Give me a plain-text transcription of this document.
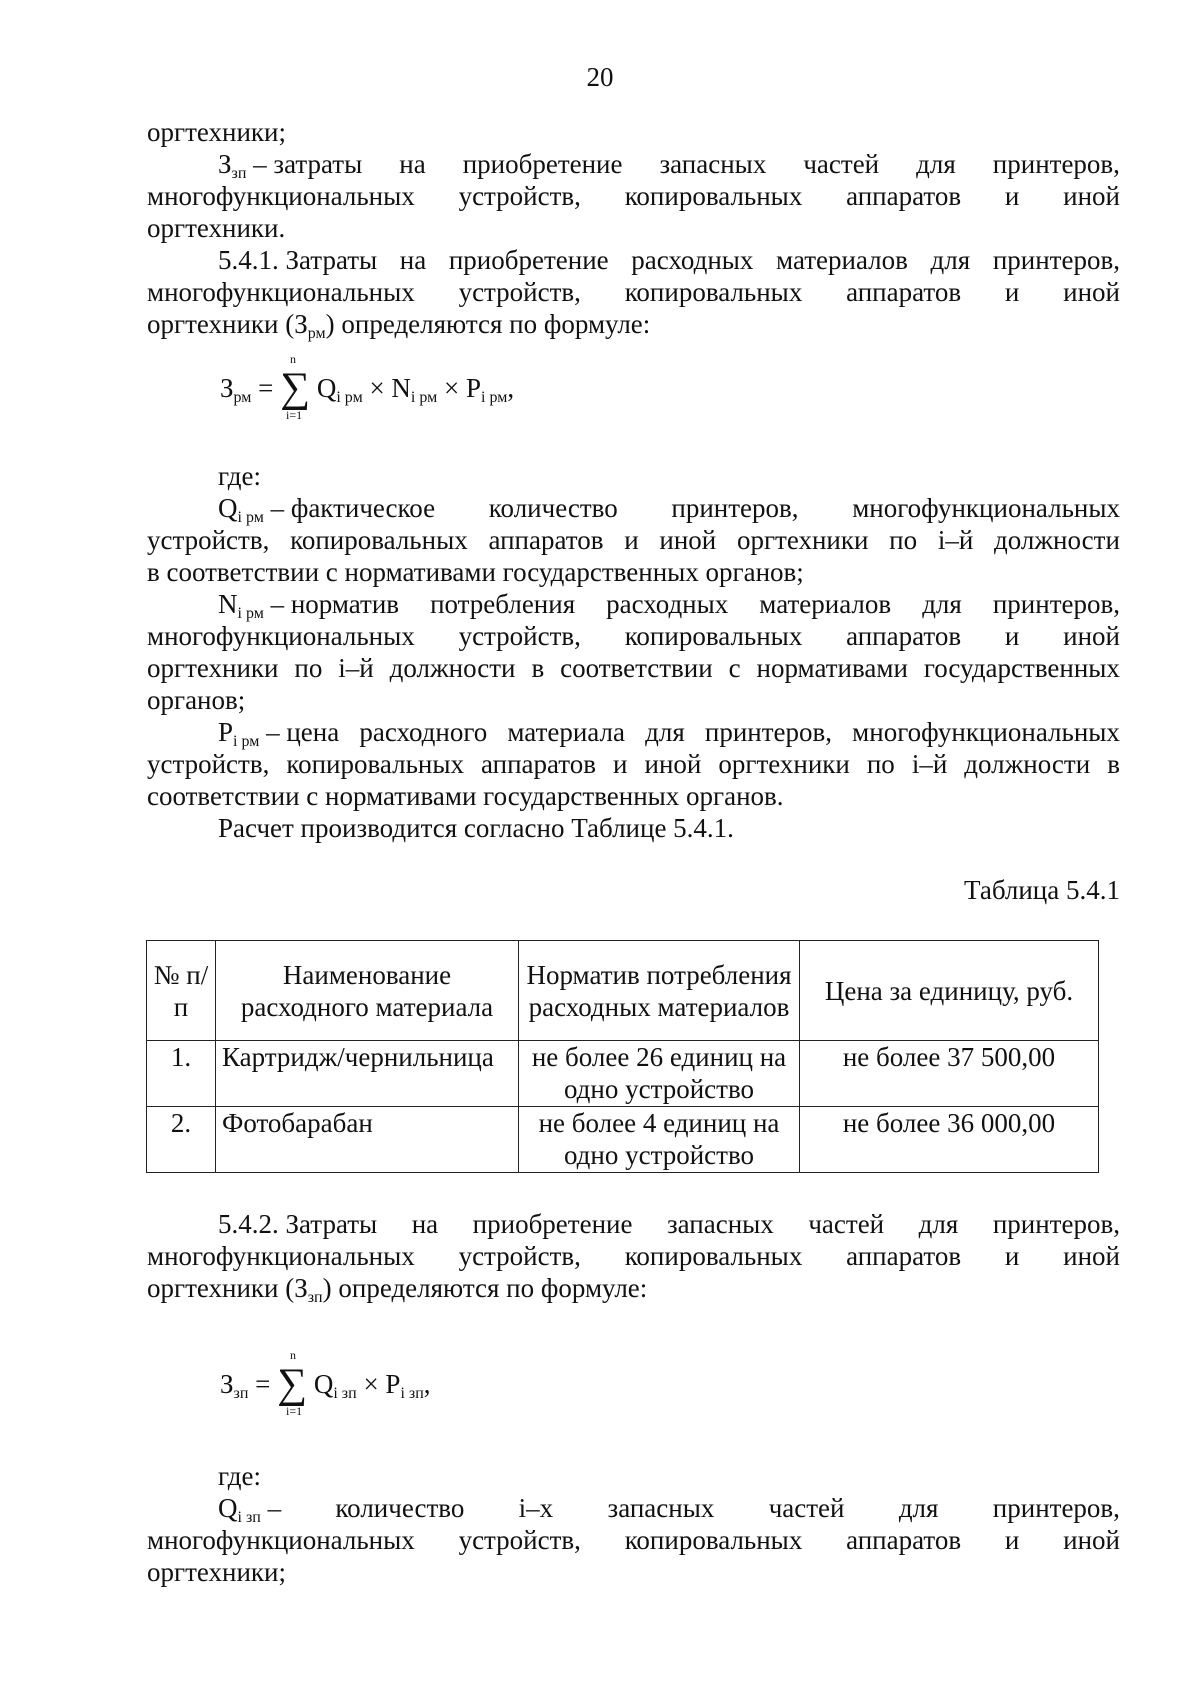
20
оргтехники;
$З_{зп}$ – затраты на приобретение запасных частей для принтеров,
многофункциональных устройств, копировальных аппаратов и иной
оргтехники.
5.4.1. Затраты на приобретение расходных материалов для принтеров,
многофункциональных устройств, копировальных аппаратов и иной
оргтехники $(З_{рм})$ определяются по формуле:
$З_{рм}$ = ∑ $Q_{i рм} \times N_{i рм} \times P_{i рм}$,
n
i=1
где:
$Q_{i рм}$ – фактическое количество принтеров, многофункциональных
устройств, копировальных аппаратов и иной оргтехники по i–й должности
в соответствии с нормативами государственных органов;
$N_{i рм}$ – норматив потребления расходных материалов для принтеров,
многофункциональных устройств, копировальных аппаратов и иной
оргтехники по i–й должности в соответствии с нормативами государственных
органов;
$P_{i рм}$ – цена расходного материала для принтеров, многофункциональных
устройств, копировальных аппаратов и иной оргтехники по i–й должности в
соответствии с нормативами государственных органов.
Расчет производится согласно Таблице 5.4.1.
Таблица 5.4.1
№ п/п	Наименование расходного материала	Норматив потребления расходных материалов	Цена за единицу, руб.
1.	Картридж/чернильница	не более 26 единиц на одно устройство	не более 37 500,00
2.	Фотобарабан	не более 4 единиц на одно устройство	не более 36 000,00
5.4.2. Затраты на приобретение запасных частей для принтеров,
многофункциональных устройств, копировальных аппаратов и иной
оргтехники $(З_{зп})$ определяются по формуле:
$З_{зп}$ = ∑ $Q_{i зп} \times P_{i зп}$,
n
i=1
где:
$Q_{i зп}$ – количество i–х запасных частей для принтеров,
многофункциональных устройств, копировальных аппаратов и иной
оргтехники;
